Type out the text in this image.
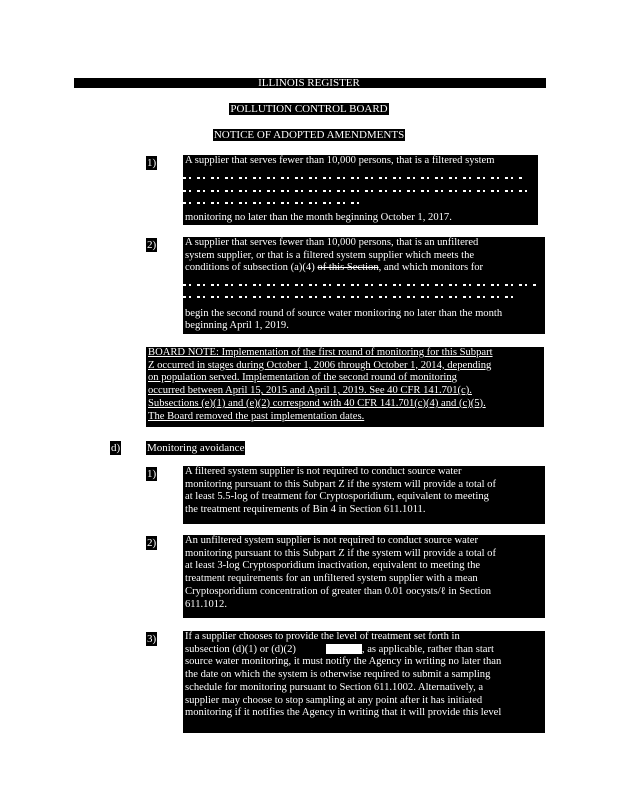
ILLINOIS REGISTER
POLLUTION CONTROL BOARD
NOTICE OF ADOPTED AMENDMENTS
1)	A supplier that serves fewer than 10,000 persons, that is a filtered system

monitoring no later than the month beginning October 1, 2017.

2)	A supplier that serves fewer than 10,000 persons, that is an unfiltered

system supplier, or that is a filtered system supplier which meets the

conditions of subsection (a)(4) of this Section, and which monitors for

begin the second round of source water monitoring no later than the month

beginning April 1, 2019.

BOARD NOTE: Implementation of the first round of monitoring for this Subpart

Z occurred in stages during October 1, 2006 through October 1, 2014, depending

on population served. Implementation of the second round of monitoring

occurred between April 15, 2015 and April 1, 2019. See 40 CFR 141.701(c).

Subsections (e)(1) and (e)(2) correspond with 40 CFR 141.701(c)(4) and (c)(5).

The Board removed the past implementation dates.

d) Monitoring avoidance
1)	A filtered system supplier is not required to conduct source water

monitoring pursuant to this Subpart Z if the system will provide a total of

at least 5.5-log of treatment for Cryptosporidium, equivalent to meeting

the treatment requirements of Bin 4 in Section 611.1011.

2)	An unfiltered system supplier is not required to conduct source water

monitoring pursuant to this Subpart Z if the system will provide a total of

at least 3-log Cryptosporidium inactivation, equivalent to meeting the

treatment requirements for an unfiltered system supplier with a mean

Cryptosporidium concentration of greater than 0.01 oocysts/ℓ in Section

611.1012.

3)	If a supplier chooses to provide the level of treatment set forth in

subsection (d)(1) or (d)(2)	, as applicable, rather than start

source water monitoring, it must notify the Agency in writing no later than

the date on which the system is otherwise required to submit a sampling

schedule for monitoring pursuant to Section 611.1002. Alternatively, a

supplier may choose to stop sampling at any point after it has initiated

monitoring if it notifies the Agency in writing that it will provide this level
